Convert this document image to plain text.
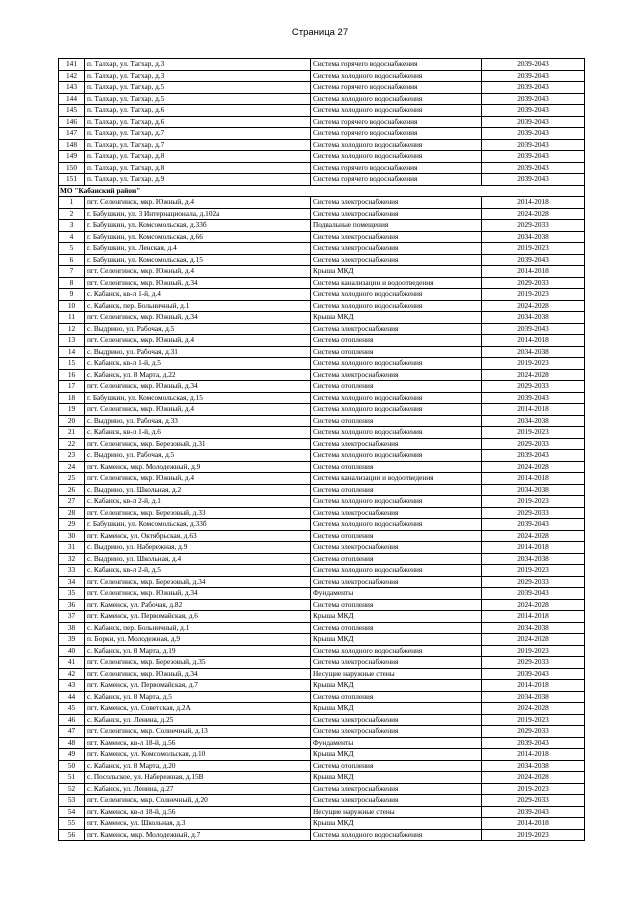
Страница 27
141	п. Талхар, ул. Тагхар, д.3	Система горячего водоснабжения	2039-2043
142	п. Талхар, ул. Тагхар, д.3	Система холодного водоснабжения	2039-2043
143	п. Талхар, ул. Тагхар, д.5	Система горячего водоснабжения	2039-2043
144	п. Талхар, ул. Тагхар, д.5	Система холодного водоснабжения	2039-2043
145	п. Талхар, ул. Тагхар, д.6	Система холодного водоснабжения	2039-2043
146	п. Талхар, ул. Тагхар, д.6	Система горячего водоснабжения	2039-2043
147	п. Талхар, ул. Тагхар, д.7	Система горячего водоснабжения	2039-2043
148	п. Талхар, ул. Тагхар, д.7	Система холодного водоснабжения	2039-2043
149	п. Талхар, ул. Тагхар, д.8	Система холодного водоснабжения	2039-2043
150	п. Талхар, ул. Тагхар, д.8	Система горячего водоснабжения	2039-2043
151	п. Талхар, ул. Тагхар, д.9	Система горячего водоснабжения	2039-2043
МО "Кабанский район"			
1	пгт. Селенгинск, мкр. Южный, д.4	Система электроснабжения	2014-2018
2	г. Бабушкин, ул. 3 Интернационала, д.102а	Система электроснабжения	2024-2028
3	г. Бабушкин, ул. Комсомольская, д.33б	Подвальные помещения	2029-2033
4	г. Бабушкин, ул. Комсомольская, д.66	Система электроснабжения	2034-2038
5	г. Бабушкин, ул. Ленская, д.4	Система электроснабжения	2019-2023
6	г. Бабушкин, ул. Комсомольская, д.15	Система электроснабжения	2039-2043
7	пгт. Селенгинск, мкр. Южный, д.4	Крыша МКД	2014-2018
8	пгт. Селенгинск, мкр. Южный, д.34	Система канализации и водоотведения	2029-2033
9	с. Кабанск, кв-л 1-й, д.4	Система холодного водоснабжения	2019-2023
10	с. Кабанск, пер. Больничный, д.1	Система холодного водоснабжения	2024-2028
11	пгт. Селенгинск, мкр. Южный, д.34	Крыша МКД	2034-2038
12	с. Выдрино, ул. Рабочая, д.5	Система электроснабжения	2039-2043
13	пгт. Селенгинск, мкр. Южный, д.4	Система отопления	2014-2018
14	с. Выдрино, ул. Рабочая, д.31	Система отопления	2034-2038
15	с. Кабанск, кв-л 1-й, д.5	Система холодного водоснабжения	2019-2023
16	с. Кабанск, ул. 8 Марта, д.22	Система электроснабжения	2024-2028
17	пгт. Селенгинск, мкр. Южный, д.34	Система отопления	2029-2033
18	г. Бабушкин, ул. Комсомольская, д.15	Система холодного водоснабжения	2039-2043
19	пгт. Селенгинск, мкр. Южный, д.4	Система холодного водоснабжения	2014-2018
20	с. Выдрино, ул. Рабочая, д.33	Система отопления	2034-2038
21	с. Кабанск, кв-л 1-й, д.6	Система холодного водоснабжения	2019-2023
22	пгт. Селенгинск, мкр. Березовый, д.31	Система электроснабжения	2029-2033
23	с. Выдрино, ул. Рабочая, д.5	Система холодного водоснабжения	2039-2043
24	пгт. Каменск, мкр. Молодежный, д.9	Система отопления	2024-2028
25	пгт. Селенгинск, мкр. Южный, д.4	Система канализации и водоотведения	2014-2018
26	с. Выдрино, ул. Школьная, д.2	Система отопления	2034-2038
27	с. Кабанск, кв-л 2-й, д.1	Система холодного водоснабжения	2019-2023
28	пгт. Селенгинск, мкр. Березовый, д.33	Система электроснабжения	2029-2033
29	г. Бабушкин, ул. Комсомольская, д.33б	Система холодного водоснабжения	2039-2043
30	пгт. Каменск, ул. Октябрьская, д.63	Система отопления	2024-2028
31	с. Выдрино, ул. Набережная, д.9	Система электроснабжения	2014-2018
32	с. Выдрино, ул. Школьная, д.4	Система отопления	2034-2038
33	с. Кабанск, кв-л 2-й, д.5	Система холодного водоснабжения	2019-2023
34	пгт. Селенгинск, мкр. Березовый, д.34	Система электроснабжения	2029-2033
35	пгт. Селенгинск, мкр. Южный, д.34	Фундаменты	2039-2043
36	пгт. Каменск, ул. Рабочая, д.82	Система отопления	2024-2028
37	пгт. Каменск, ул. Первомайская, д.6	Крыша МКД	2014-2018
38	с. Кабанск, пер. Больничный, д.1	Система отопления	2034-2038
39	п. Борки, ул. Молодежная, д.9	Крыша МКД	2024-2028
40	с. Кабанск, ул. 8 Марта, д.19	Система холодного водоснабжения	2019-2023
41	пгт. Селенгинск, мкр. Березовый, д.35	Система электроснабжения	2029-2033
42	пгт. Селенгинск, мкр. Южный, д.34	Несущие наружные стены	2039-2043
43	пгт. Каменск, ул. Первомайская, д.7	Крыша МКД	2014-2018
44	с. Кабанск, ул. 8 Марта, д.5	Система отопления	2034-2038
45	пгт. Каменск, ул. Советская, д.2А	Крыша МКД	2024-2028
46	с. Кабанск, ул. Ленина, д.25	Система электроснабжения	2019-2023
47	пгт. Селенгинск, мкр. Солнечный, д.13	Система электроснабжения	2029-2033
48	пгт. Каменск, кв-л 18-й, д.56	Фундаменты	2039-2043
49	пгт. Каменск, ул. Комсомольская, д.10	Крыша МКД	2014-2018
50	с. Кабанск, ул. 8 Марта, д.20	Система отопления	2034-2038
51	с. Посольское, ул. Набережная, д.15В	Крыша МКД	2024-2028
52	с. Кабанск, ул. Ленина, д.27	Система электроснабжения	2019-2023
53	пгт. Селенгинск, мкр. Солнечный, д.20	Система электроснабжения	2029-2033
54	пгт. Каменск, кв-л 18-й, д.56	Несущие наружные стены	2039-2043
55	пгт. Каменск, ул. Школьная, д.3	Крыша МКД	2014-2018
56	пгт. Каменск, мкр. Молодежный, д.7	Система холодного водоснабжения	2019-2023
